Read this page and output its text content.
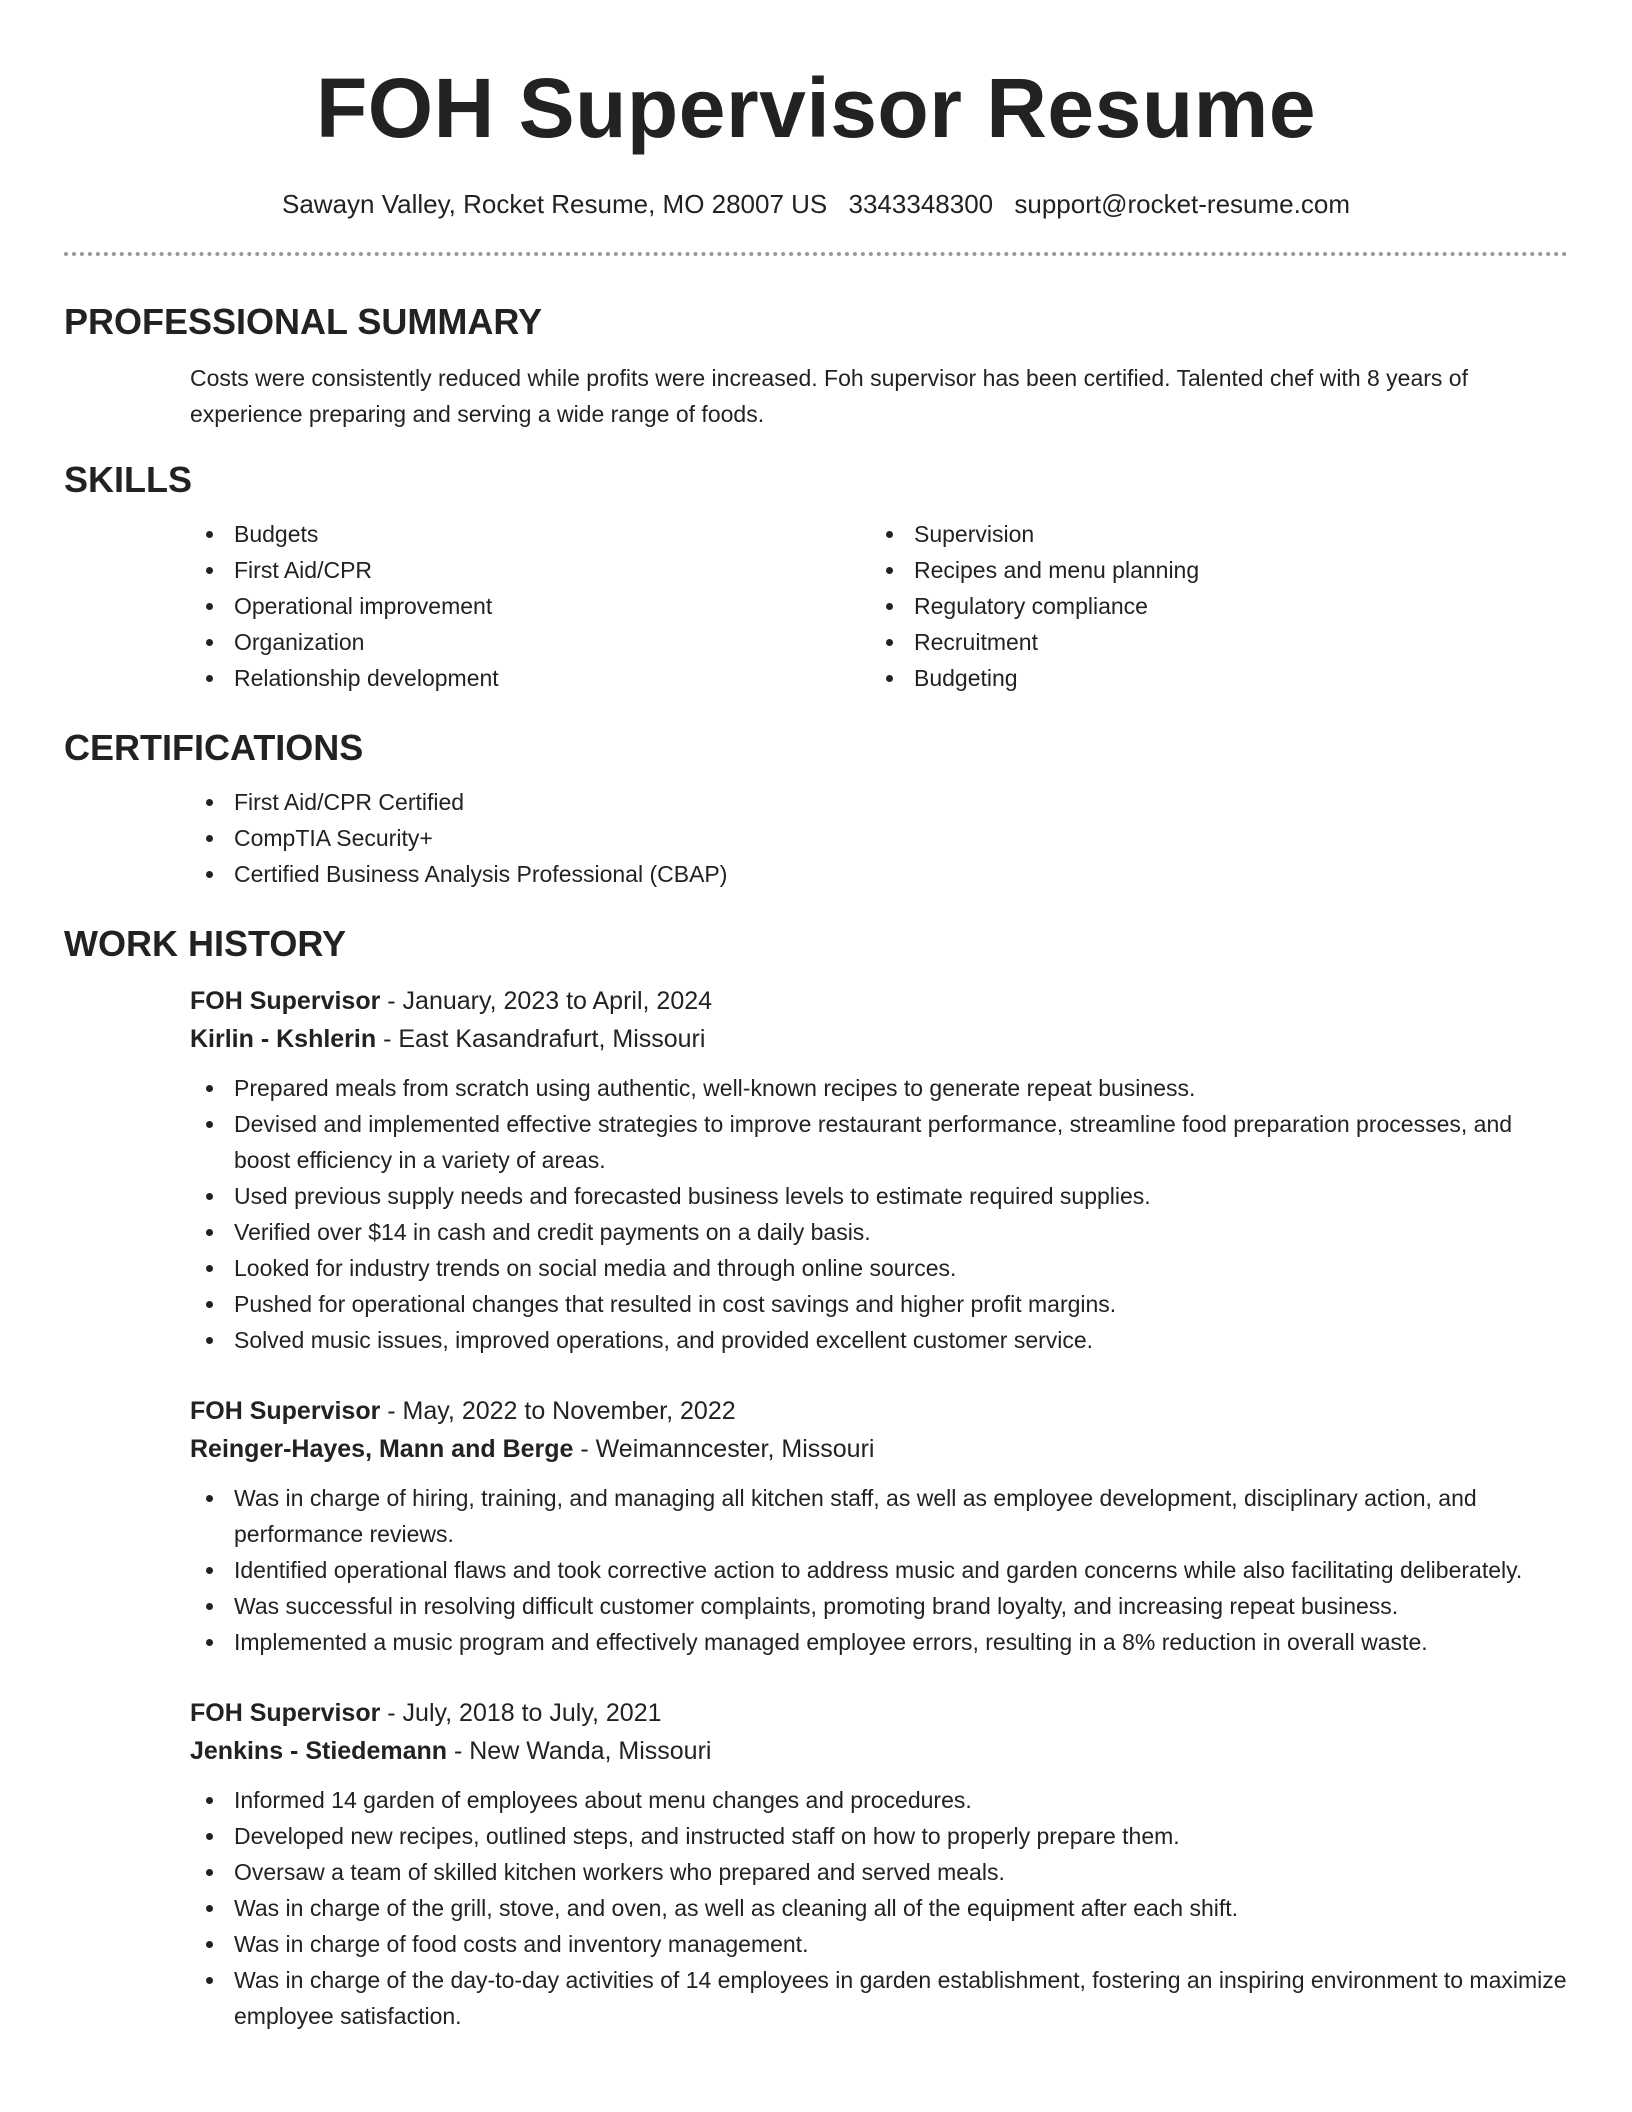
FOH Supervisor Resume
Sawayn Valley, Rocket Resume, MO 28007 US 3343348300 support@rocket-resume.com
PROFESSIONAL SUMMARY

Costs were consistently reduced while profits were increased. Foh supervisor has been certified. Talented chef with 8 years of experience preparing and serving a wide range of foods.

SKILLS
Budgets
First Aid/CPR
Operational improvement
Organization
Relationship development
Supervision
Recipes and menu planning
Regulatory compliance
Recruitment
Budgeting
CERTIFICATIONS
First Aid/CPR Certified
CompTIA Security+
Certified Business Analysis Professional (CBAP)
WORK HISTORY
FOH Supervisor - January, 2023 to April, 2024
Kirlin - Kshlerin - East Kasandrafurt, Missouri
Prepared meals from scratch using authentic, well-known recipes to generate repeat business.
Devised and implemented effective strategies to improve restaurant performance, streamline food preparation processes, and boost efficiency in a variety of areas.
Used previous supply needs and forecasted business levels to estimate required supplies.
Verified over $14 in cash and credit payments on a daily basis.
Looked for industry trends on social media and through online sources.
Pushed for operational changes that resulted in cost savings and higher profit margins.
Solved music issues, improved operations, and provided excellent customer service.
FOH Supervisor - May, 2022 to November, 2022
Reinger-Hayes, Mann and Berge - Weimanncester, Missouri
Was in charge of hiring, training, and managing all kitchen staff, as well as employee development, disciplinary action, and performance reviews.
Identified operational flaws and took corrective action to address music and garden concerns while also facilitating deliberately.
Was successful in resolving difficult customer complaints, promoting brand loyalty, and increasing repeat business.
Implemented a music program and effectively managed employee errors, resulting in a 8% reduction in overall waste.
FOH Supervisor - July, 2018 to July, 2021
Jenkins - Stiedemann - New Wanda, Missouri
Informed 14 garden of employees about menu changes and procedures.
Developed new recipes, outlined steps, and instructed staff on how to properly prepare them.
Oversaw a team of skilled kitchen workers who prepared and served meals.
Was in charge of the grill, stove, and oven, as well as cleaning all of the equipment after each shift.
Was in charge of food costs and inventory management.
Was in charge of the day-to-day activities of 14 employees in garden establishment, fostering an inspiring environment to maximize employee satisfaction.
